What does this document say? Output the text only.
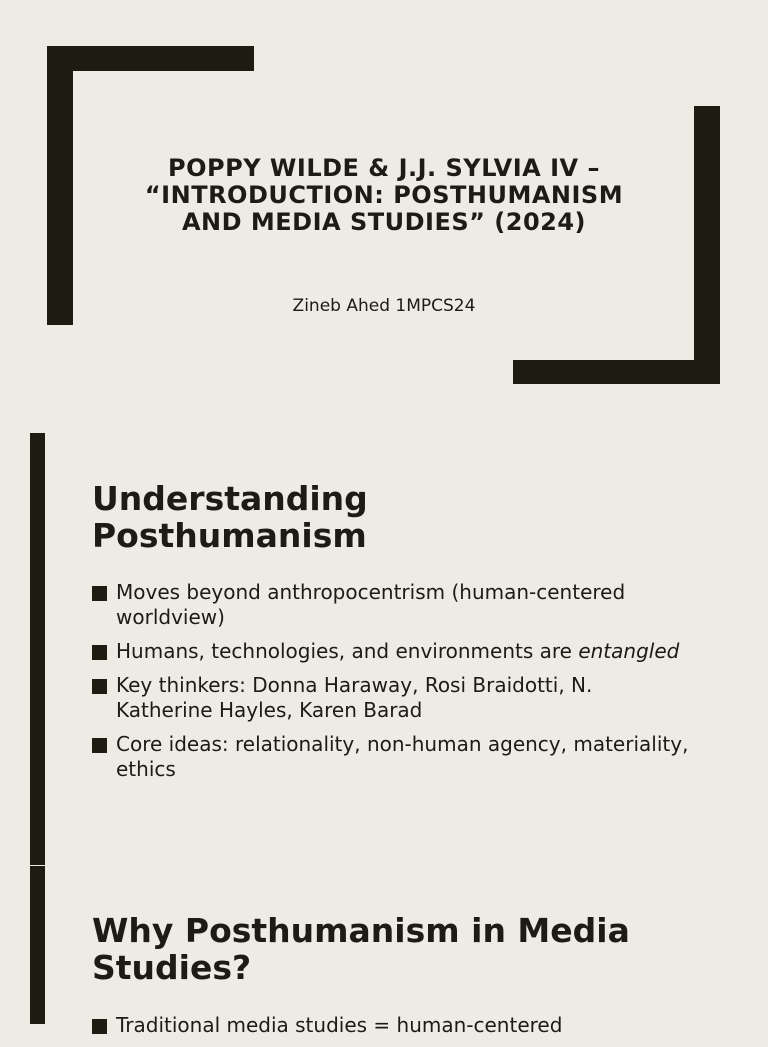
POPPY WILDE & J.J. SYLVIA IV –
“INTRODUCTION: POSTHUMANISM
AND MEDIA STUDIES” (2024)

Zineb Ahed 1MPCS24

Understanding
Posthumanism
Moves beyond anthropocentrism (human-centered worldview)
Humans, technologies, and environments are entangled
Key thinkers: Donna Haraway, Rosi Braidotti, N. Katherine Hayles, Karen Barad
Core ideas: relationality, non-human agency, materiality, ethics
Why Posthumanism in Media
Studies?
Traditional media studies = human-centered
